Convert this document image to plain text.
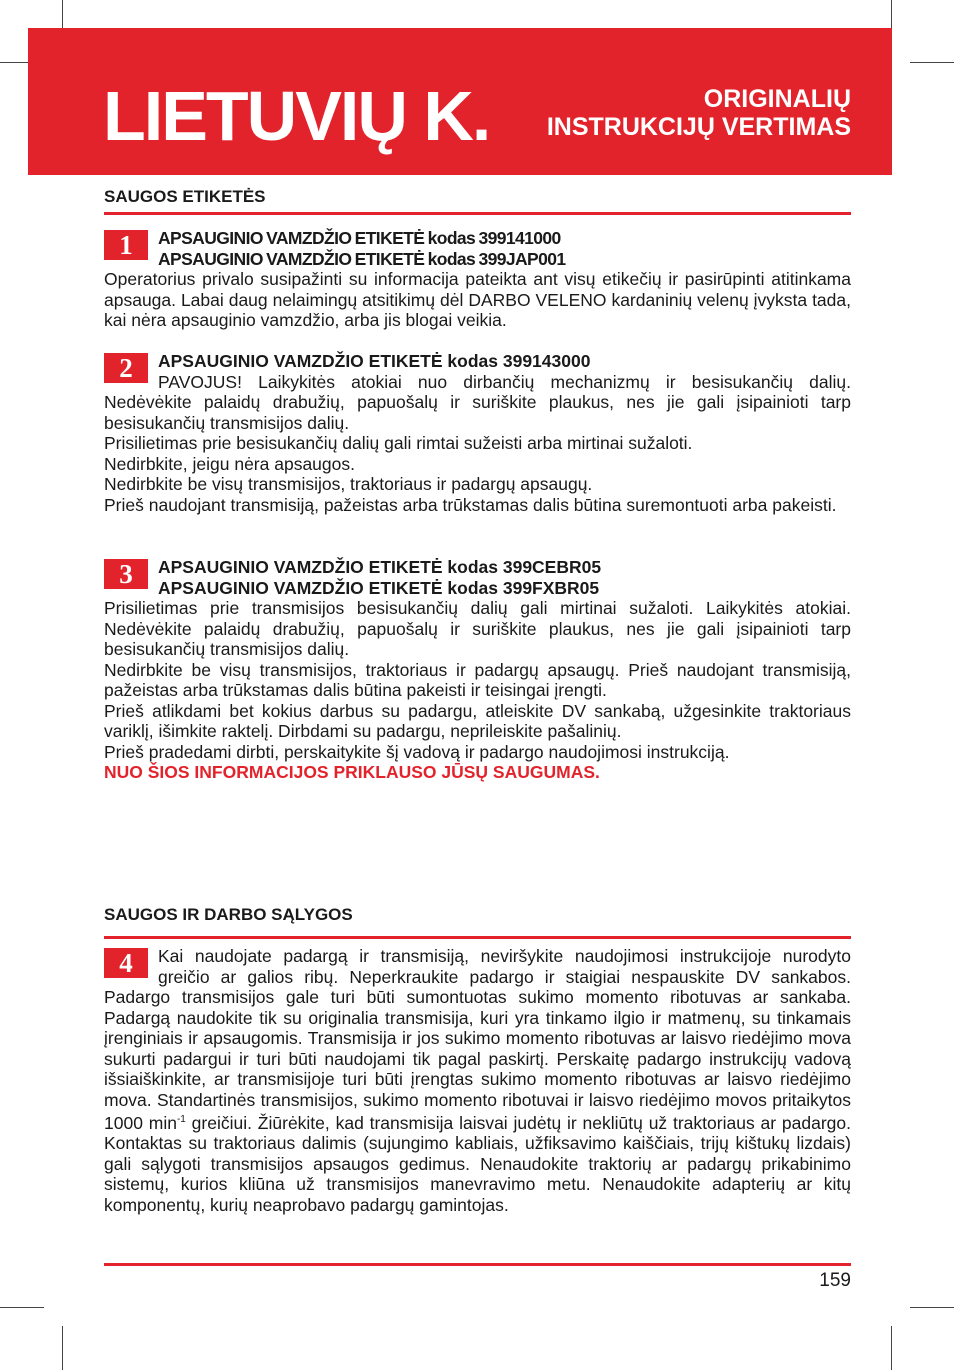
LIETUVIŲ K.	ORIGINALIŲ
INSTRUKCIJŲ VERTIMAS
SAUGOS ETIKETĖS
1	APSAUGINIO VAMZDŽIO ETIKETĖ kodas 399141000
APSAUGINIO VAMZDŽIO ETIKETĖ kodas 399JAP001
Operatorius privalo susipažinti su informacija pateikta ant visų etikečių ir pasirūpinti atitinkama apsauga. Labai daug nelaimingų atsitikimų dėl DARBO VELENO kardaninių velenų įvyksta tada, kai nėra apsauginio vamzdžio, arba jis blogai veikia.
2	APSAUGINIO VAMZDŽIO ETIKETĖ kodas 399143000
PAVOJUS! Laikykitės atokiai nuo dirbančių mechanizmų ir besisukančių dalių. Nedėvėkite palaidų drabužių, papuošalų ir suriškite plaukus, nes jie gali įsipainioti tarp besisukančių transmisijos dalių.
Prisilietimas prie besisukančių dalių gali rimtai sužeisti arba mirtinai sužaloti.
Nedirbkite, jeigu nėra apsaugos.
Nedirbkite be visų transmisijos, traktoriaus ir padargų apsaugų.
Prieš naudojant transmisiją, pažeistas arba trūkstamas dalis būtina suremontuoti arba pakeisti.
3	APSAUGINIO VAMZDŽIO ETIKETĖ kodas 399CEBR05
APSAUGINIO VAMZDŽIO ETIKETĖ kodas 399FXBR05
Prisilietimas prie transmisijos besisukančių dalių gali mirtinai sužaloti. Laikykitės atokiai. Nedėvėkite palaidų drabužių, papuošalų ir suriškite plaukus, nes jie gali įsipainioti tarp besisukančių transmisijos dalių.
Nedirbkite be visų transmisijos, traktoriaus ir padargų apsaugų. Prieš naudojant transmisiją, pažeistas arba trūkstamas dalis būtina pakeisti ir teisingai įrengti.
Prieš atlikdami bet kokius darbus su padargu, atleiskite DV sankabą, užgesinkite traktoriaus variklį, išimkite raktelį. Dirbdami su padargu, neprileiskite pašalinių.
Prieš pradedami dirbti, perskaitykite šį vadovą ir padargo naudojimosi instrukciją.
NUO ŠIOS INFORMACIJOS PRIKLAUSO JŪSŲ SAUGUMAS.
SAUGOS IR DARBO SĄLYGOS
4	Kai naudojate padargą ir transmisiją, neviršykite naudojimosi instrukcijoje nurodyto greičio ar galios ribų. Neperkraukite padargo ir staigiai nespauskite DV sankabos. Padargo transmisijos gale turi būti sumontuotas sukimo momento ribotuvas ar sankaba. Padargą naudokite tik su originalia transmisija, kuri yra tinkamo ilgio ir matmenų, su tinkamais įrenginiais ir apsaugomis. Transmisija ir jos sukimo momento ribotuvas ar laisvo riedėjimo mova sukurti padargui ir turi būti naudojami tik pagal paskirtį. Perskaitę padargo instrukcijų vadovą išsiaiškinkite, ar transmisijoje turi būti įrengtas sukimo momento ribotuvas ar laisvo riedėjimo mova. Standartinės transmisijos, sukimo momento ribotuvai ir laisvo riedėjimo movos pritaikytos 1000 $\min^{-1}$ greičiui. Žiūrėkite, kad transmisija laisvai judėtų ir nekliūtų už traktoriaus ar padargo. Kontaktas su traktoriaus dalimis (sujungimo kabliais, užfiksavimo kaiščiais, trijų kištukų lizdais) gali sąlygoti transmisijos apsaugos gedimus. Nenaudokite traktorių ar padargų prikabinimo sistemų, kurios kliūna už transmisijos manevravimo metu. Nenaudokite adapterių ar kitų komponentų, kurių neaprobavo padargų gamintojas.
159
